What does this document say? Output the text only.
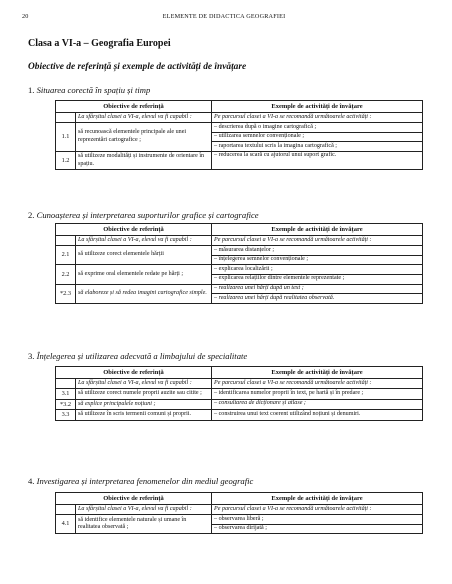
20	ELEMENTE DE DIDACTICA GEOGRAFIEI
Clasa a VI-a – Geografia Europei
Obiective de referință și exemple de activități de învățare
1. Situarea corectă în spațiu și timp
Obiective de referință		Exemple de activități de învățare
	La sfârșitul clasei a VI-a, elevul va fi capabil :	Pe parcursul clasei a VI-a se recomandă următoarele activități :
1.1	să recunoască elementele principale ale unei reprezentări cartografice ;	– descrierea după o imagine cartografică ;
		– utilizarea semnelor convenționale ;
		– raportarea textului scris la imagina cartografică ;
1.2	să utilizeze modalități și instrumente de orientare în spațiu.	– reducerea la scară cu ajutorul unui suport grafic.
2. Cunoașterea și interpretarea suporturilor grafice și cartografice
Obiective de referință		Exemple de activități de învățare
	La sfârșitul clasei a VI-a, elevul va fi capabil :	Pe parcursul clasei a VI-a se recomandă următoarele activități :
2.1	să utilizeze corect elementele hărții	– măsurarea distanțelor ;
		– înțelegerea semnelor convenționale ;
2.2	să exprime oral elementele redate pe hărți ;	– explicarea localizării ;
		– explicarea relațiilor dintre elementele reprezentate ;
*2.3	să elaboreze și să redea imagini cartografice simple.	– realizarea unei hărți după un text ;
		– realizarea unei hărți după realitatea observată.
3. Înțelegerea și utilizarea adecvată a limbajului de specialitate
Obiective de referință		Exemple de activități de învățare
	La sfârșitul clasei a VI-a, elevul va fi capabil :	Pe parcursul clasei a VI-a se recomandă următoarele activități :
3.1	să utilizeze corect numele proprii auzite sau citite ;	– identificarea numelor proprii în text, pe hartă și în predare ;
*3.2	să explice principalele noțiuni ;	– consultarea de dicționare și atlase ;
3.3	să utilizeze în scris termenii comuni și proprii.	– construirea unui text coerent utilizând noțiuni și denumiri.
4. Investigarea și interpretarea fenomenelor din mediul geografic
Obiective de referință		Exemple de activități de învățare
	La sfârșitul clasei a VI-a, elevul va fi capabil :	Pe parcursul clasei a VI-a se recomandă următoarele activități :
4.1	să identifice elementele naturale și umane în realitatea observată ;	– observarea liberă ;
		– observarea dirijată ;
